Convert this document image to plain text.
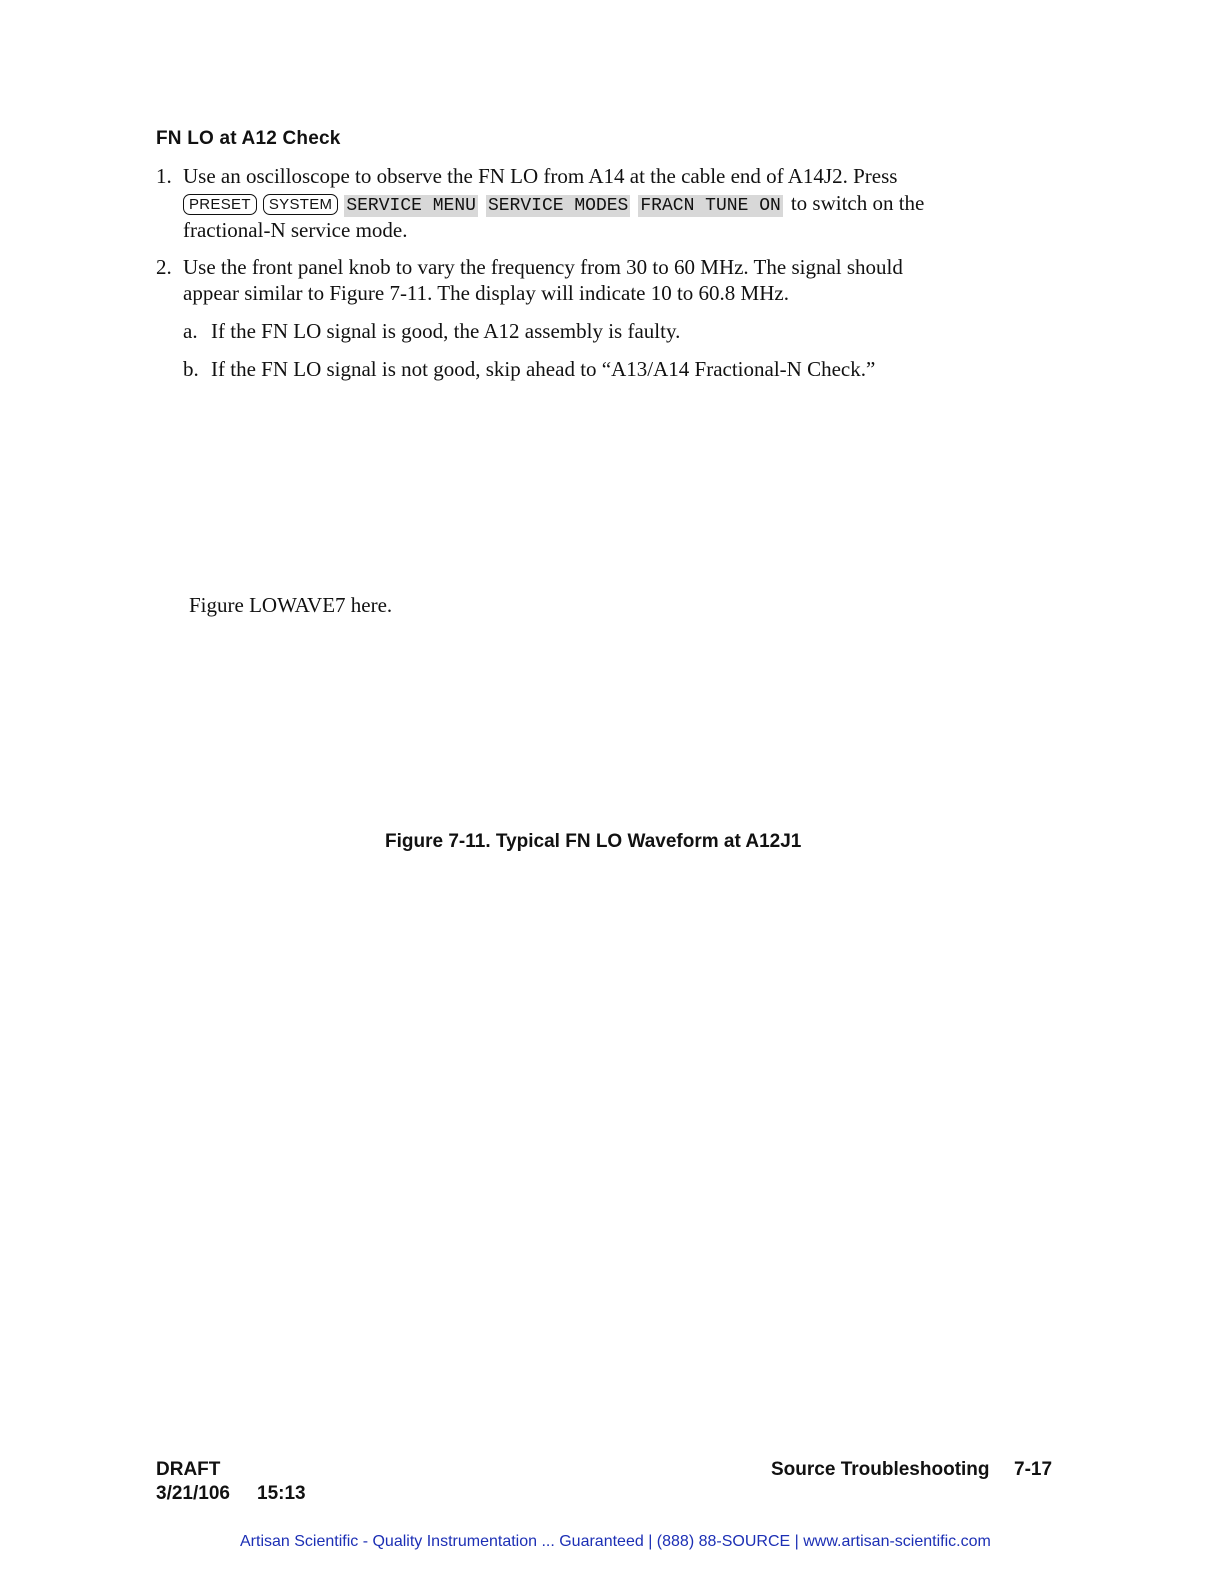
FN LO at A12 Check
1. Use an oscilloscope to observe the FN LO from A14 at the cable end of A14J2. Press
PRESET SYSTEM SERVICE MENU SERVICE MODES FRACN TUNE ON to switch on the
fractional-N service mode.
2. Use the front panel knob to vary the frequency from 30 to 60 MHz. The signal should
appear similar to Figure 7-11. The display will indicate 10 to 60.8 MHz.
a. If the FN LO signal is good, the A12 assembly is faulty.
b. If the FN LO signal is not good, skip ahead to “A13/A14 Fractional-N Check.”
Figure LOWAVE7 here.
Figure 7-11. Typical FN LO Waveform at A12J1
DRAFT
3/21/106 15:13
Source Troubleshooting 7-17
Artisan Scientific - Quality Instrumentation ... Guaranteed | (888) 88-SOURCE | www.artisan-scientific.com
